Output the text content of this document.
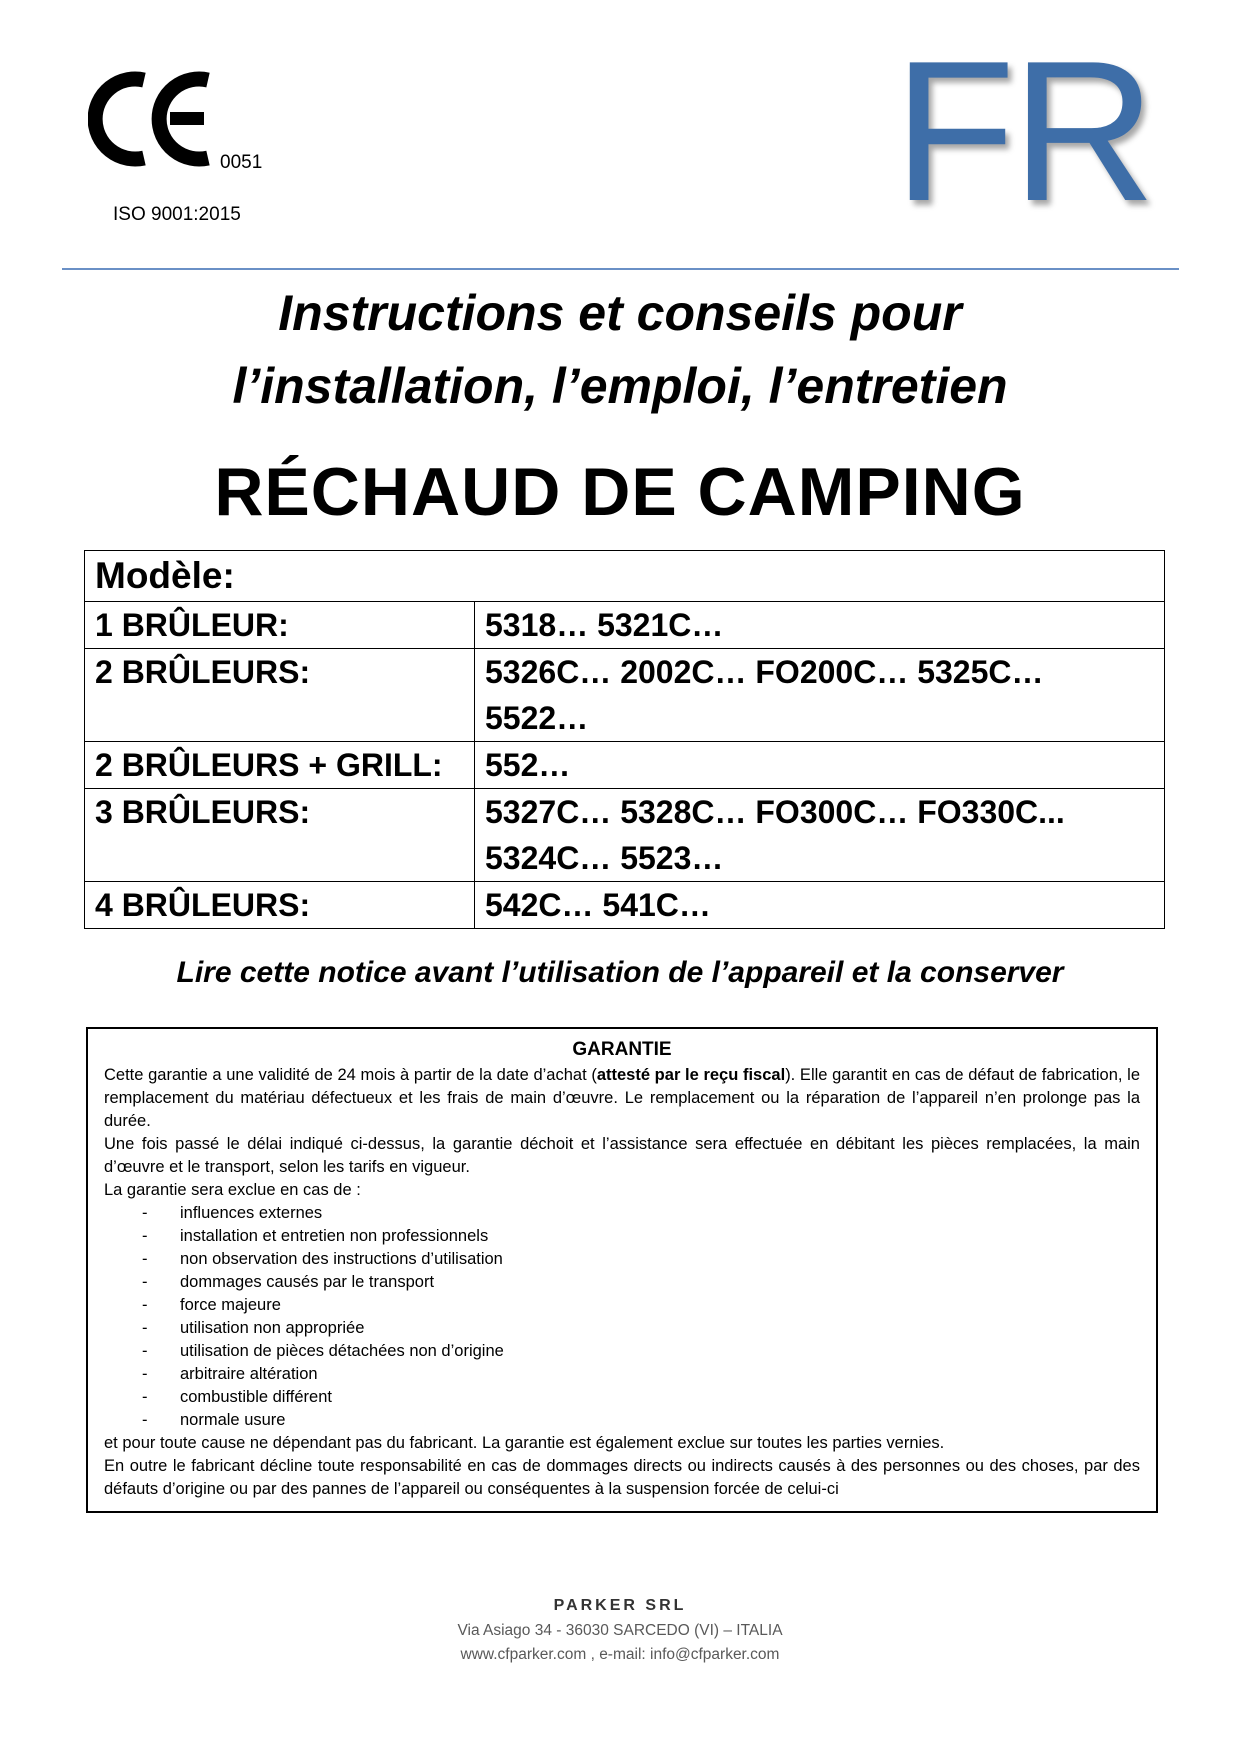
0051
ISO 9001:2015	FR
Instructions et conseils pour
l’installation, l’emploi, l’entretien
RÉCHAUD DE CAMPING
Modèle:	
1 BRÛLEUR:	5318… 5321C…

2 BRÛLEURS:	5326C… 2002C… FO200C… 5325C… 5522…

2 BRÛLEURS + GRILL:	552…

3 BRÛLEURS:	5327C… 5328C… FO300C… FO330C...
5324C… 5523…

4 BRÛLEURS:	542C… 541C…
Lire cette notice avant l’utilisation de l’appareil et la conserver
GARANTIE

Cette garantie a une validité de 24 mois à partir de la date d’achat (attesté par le reçu fiscal). Elle garantit en cas de défaut de fabrication, le remplacement du matériau défectueux et les frais de main d’œuvre. Le remplacement ou la réparation de l’appareil n’en prolonge pas la durée.

Une fois passé le délai indiqué ci-dessus, la garantie déchoit et l’assistance sera effectuée en débitant les pièces remplacées, la main d’œuvre et le transport, selon les tarifs en vigueur.

La garantie sera exclue en cas de :

- influences externes
- installation et entretien non professionnels
- non observation des instructions d’utilisation
- dommages causés par le transport
- force majeure
- utilisation non appropriée
- utilisation de pièces détachées non d’origine
- arbitraire altération
- combustible différent
- normale usure

et pour toute cause ne dépendant pas du fabricant. La garantie est également exclue sur toutes les parties vernies.

En outre le fabricant décline toute responsabilité en cas de dommages directs ou indirects causés à des personnes ou des choses, par des défauts d’origine ou par des pannes de l’appareil ou conséquentes à la suspension forcée de celui-ci

PARKER SRL
Via Asiago 34 - 36030 SARCEDO (VI) – ITALIA
www.cfparker.com , e-mail: info@cfparker.com
